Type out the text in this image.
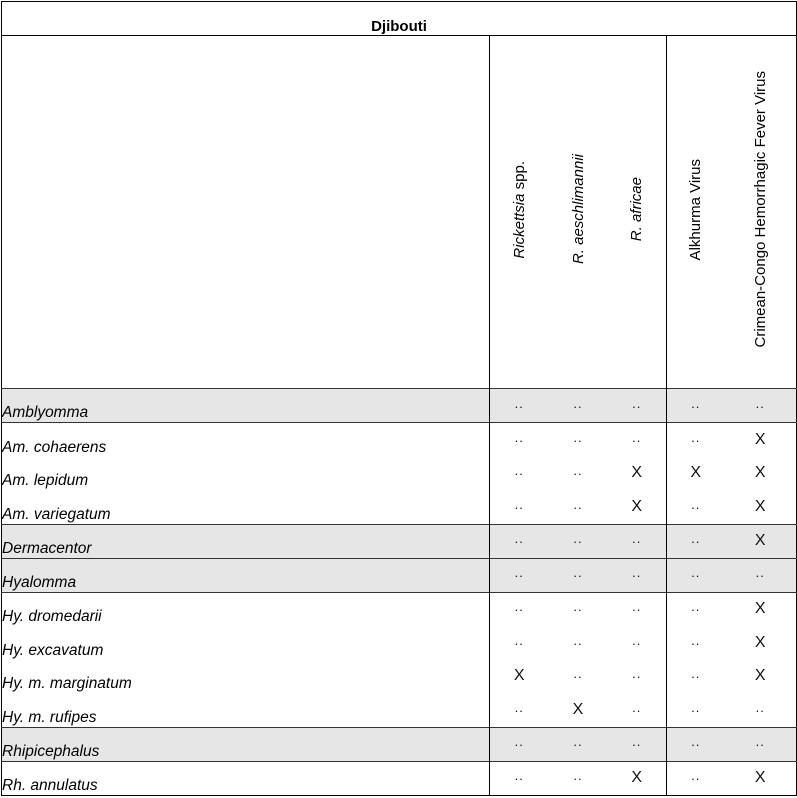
Djibouti					
	Rickettsia spp.	R. aeschlimannii	R. africae	Alkhurma Virus	Crimean-Congo Hemorrhagic Fever Virus
Amblyomma	..	..	..	..	..
Am. cohaerens	..	..	..	..	X
Am. lepidum	..	..	X	X	X
Am. variegatum	..	..	X	..	X
Dermacentor	..	..	..	..	X
Hyalomma	..	..	..	..	..
Hy. dromedarii	..	..	..	..	X
Hy. excavatum	..	..	..	..	X
Hy. m. marginatum	X	..	..	..	X
Hy. m. rufipes	..	X	..	..	..
Rhipicephalus	..	..	..	..	..
Rh. annulatus	..	..	X	..	X
